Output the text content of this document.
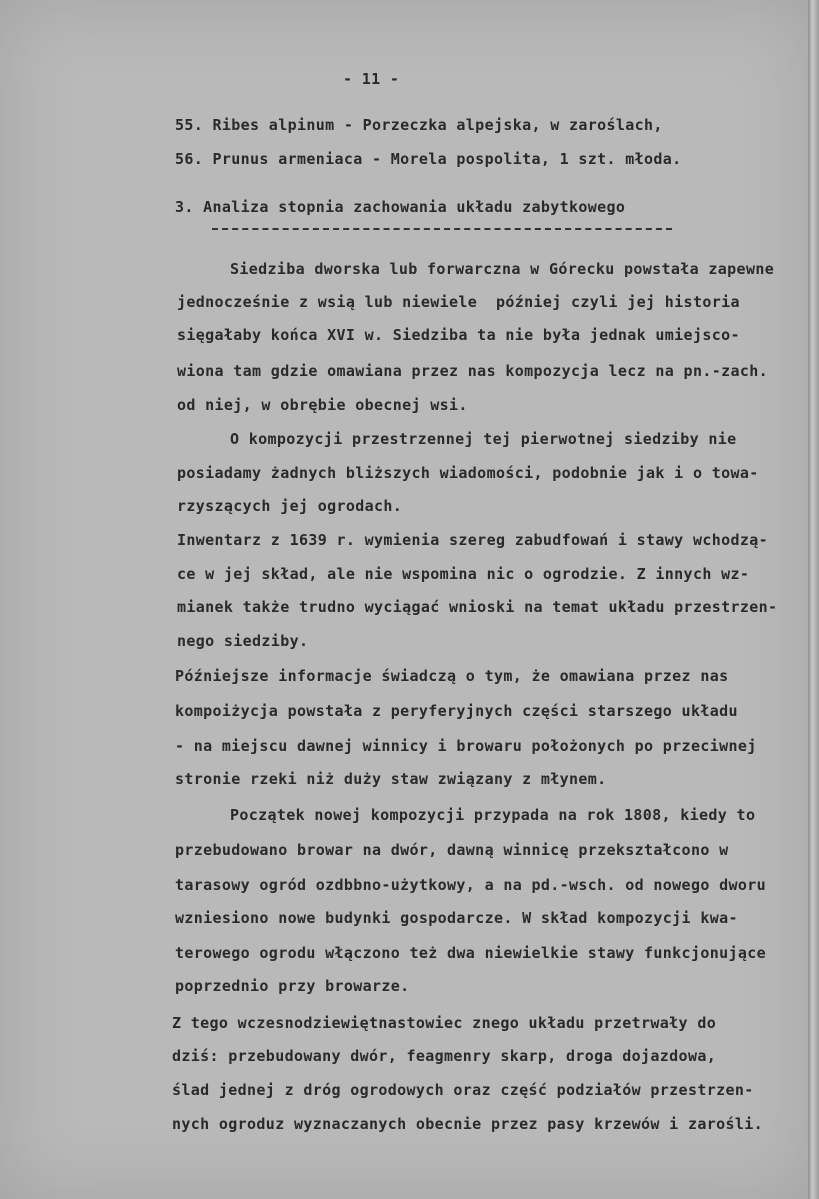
- 11 -
55. Ribes alpinum - Porzeczka alpejska, w zaroślach,
56. Prunus armeniaca - Morela pospolita, 1 szt. młoda.
3. Analiza stopnia zachowania układu zabytkowego
Siedziba dworska lub forwarczna w Górecku powstała zapewne
jednocześnie z wsią lub niewiele  później czyli jej historia
sięgałaby końca XVI w. Siedziba ta nie była jednak umiejsco-
wiona tam gdzie omawiana przez nas kompozycja lecz na pn.-zach.
od niej, w obrębie obecnej wsi.
O kompozycji przestrzennej tej pierwotnej siedziby nie
posiadamy żadnych bliższych wiadomości, podobnie jak i o towa-
rzyszących jej ogrodach.
Inwentarz z 1639 r. wymienia szereg zabudfowań i stawy wchodzą-
ce w jej skład, ale nie wspomina nic o ogrodzie. Z innych wz-
mianek także trudno wyciągać wnioski na temat układu przestrzen-
nego siedziby.
Późniejsze informacje świadczą o tym, że omawiana przez nas
kompoiżycja powstała z peryferyjnych części starszego układu
- na miejscu dawnej winnicy i browaru położonych po przeciwnej
stronie rzeki niż duży staw związany z młynem.
Początek nowej kompozycji przypada na rok 1808, kiedy to
przebudowano browar na dwór, dawną winnicę przekształcono w
tarasowy ogród ozdbbno-użytkowy, a na pd.-wsch. od nowego dworu
wzniesiono nowe budynki gospodarcze. W skład kompozycji kwa-
terowego ogrodu włączono też dwa niewielkie stawy funkcjonujące
poprzednio przy browarze.
Z tego wczesnodziewiętnastowiec znego układu przetrwały do
dziś: przebudowany dwór, feagmenry skarp, droga dojazdowa,
ślad jednej z dróg ogrodowych oraz część podziałów przestrzen-
nych ogroduz wyznaczanych obecnie przez pasy krzewów i zarośli.
